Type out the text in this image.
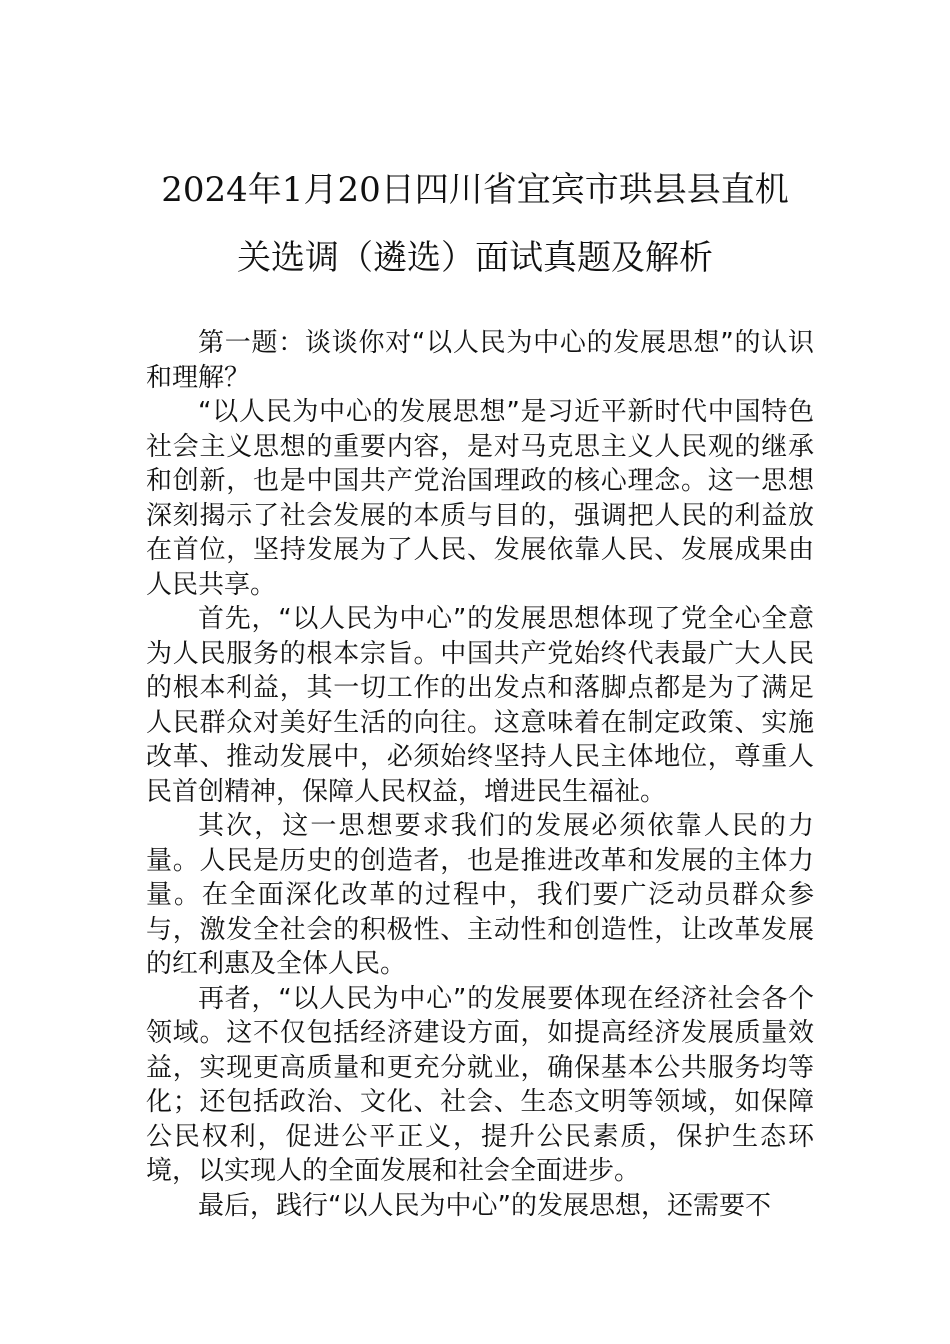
2024年1月20日四川省宜宾市珙县县直机
关选调（遴选）面试真题及解析

第一题：谈谈你对“以人民为中心的发展思想”的认识和理解？

“以人民为中心的发展思想”是习近平新时代中国特色社会主义思想的重要内容，是对马克思主义人民观的继承和创新，也是中国共产党治国理政的核心理念。这一思想深刻揭示了社会发展的本质与目的，强调把人民的利益放在首位，坚持发展为了人民、发展依靠人民、发展成果由人民共享。

首先，“以人民为中心”的发展思想体现了党全心全意为人民服务的根本宗旨。中国共产党始终代表最广大人民的根本利益，其一切工作的出发点和落脚点都是为了满足人民群众对美好生活的向往。这意味着在制定政策、实施改革、推动发展中，必须始终坚持人民主体地位，尊重人民首创精神，保障人民权益，增进民生福祉。

其次，这一思想要求我们的发展必须依靠人民的力量。人民是历史的创造者，也是推进改革和发展的主体力量。在全面深化改革的过程中，我们要广泛动员群众参与，激发全社会的积极性、主动性和创造性，让改革发展的红利惠及全体人民。

再者，“以人民为中心”的发展要体现在经济社会各个领域。这不仅包括经济建设方面，如提高经济发展质量效益，实现更高质量和更充分就业，确保基本公共服务均等化；还包括政治、文化、社会、生态文明等领域，如保障公民权利，促进公平正义，提升公民素质，保护生态环境，以实现人的全面发展和社会全面进步。

最后，践行“以人民为中心”的发展思想，还需要不
